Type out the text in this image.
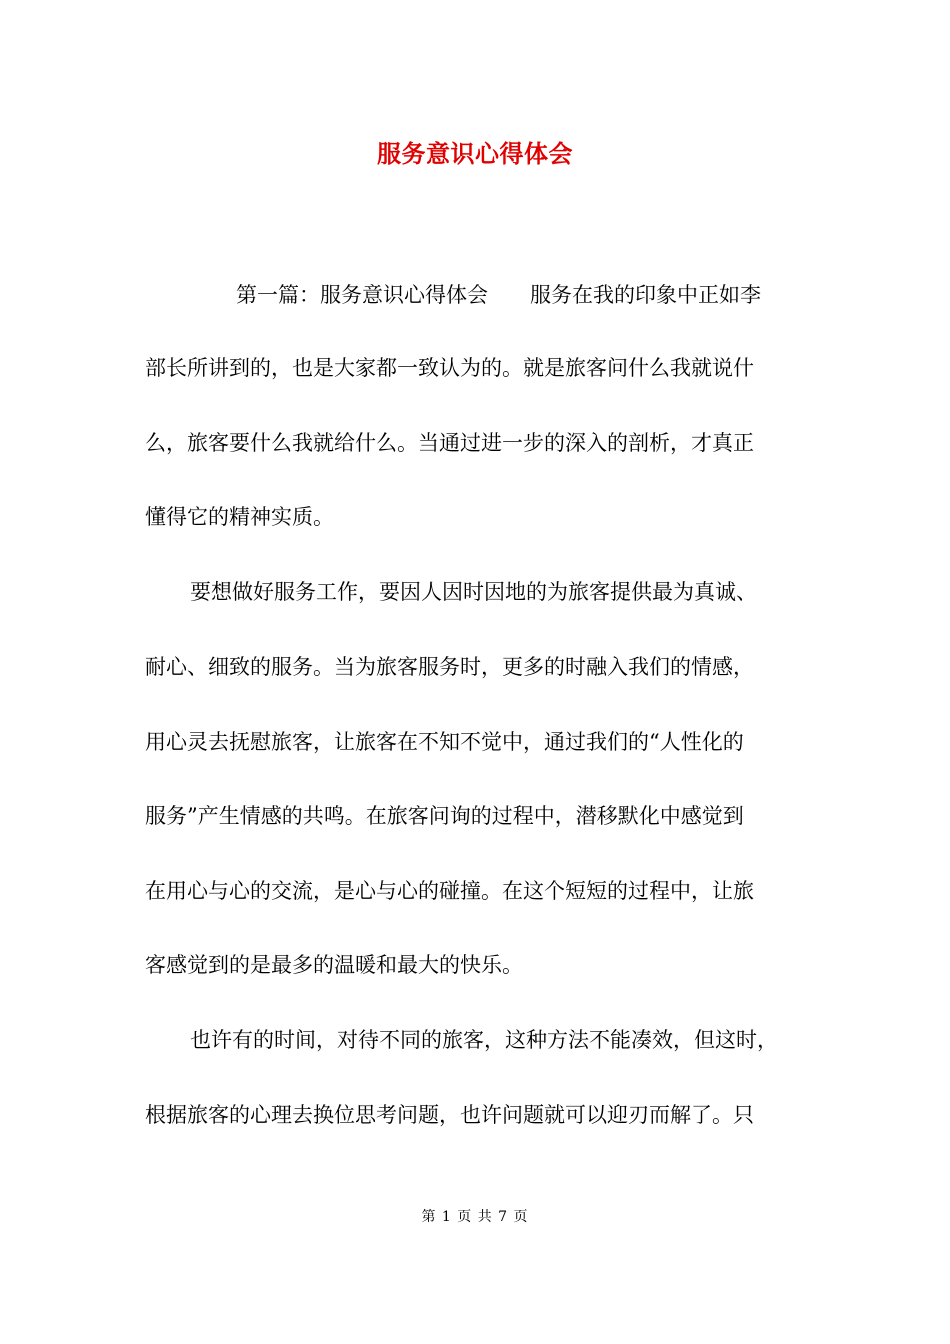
服务意识心得体会
第一篇：服务意识心得体会　　服务在我的印象中正如李
部长所讲到的，也是大家都一致认为的。就是旅客问什么我就说什
么，旅客要什么我就给什么。当通过进一步的深入的剖析，才真正
懂得它的精神实质。
要想做好服务工作，要因人因时因地的为旅客提供最为真诚、
耐心、细致的服务。当为旅客服务时，更多的时融入我们的情感，
用心灵去抚慰旅客，让旅客在不知不觉中，通过我们的“人性化的
服务”产生情感的共鸣。在旅客问询的过程中，潜移默化中感觉到
在用心与心的交流，是心与心的碰撞。在这个短短的过程中，让旅
客感觉到的是最多的温暖和最大的快乐。
也许有的时间，对待不同的旅客，这种方法不能凑效，但这时，
根据旅客的心理去换位思考问题，也许问题就可以迎刃而解了。只
第 1 页 共 7 页
